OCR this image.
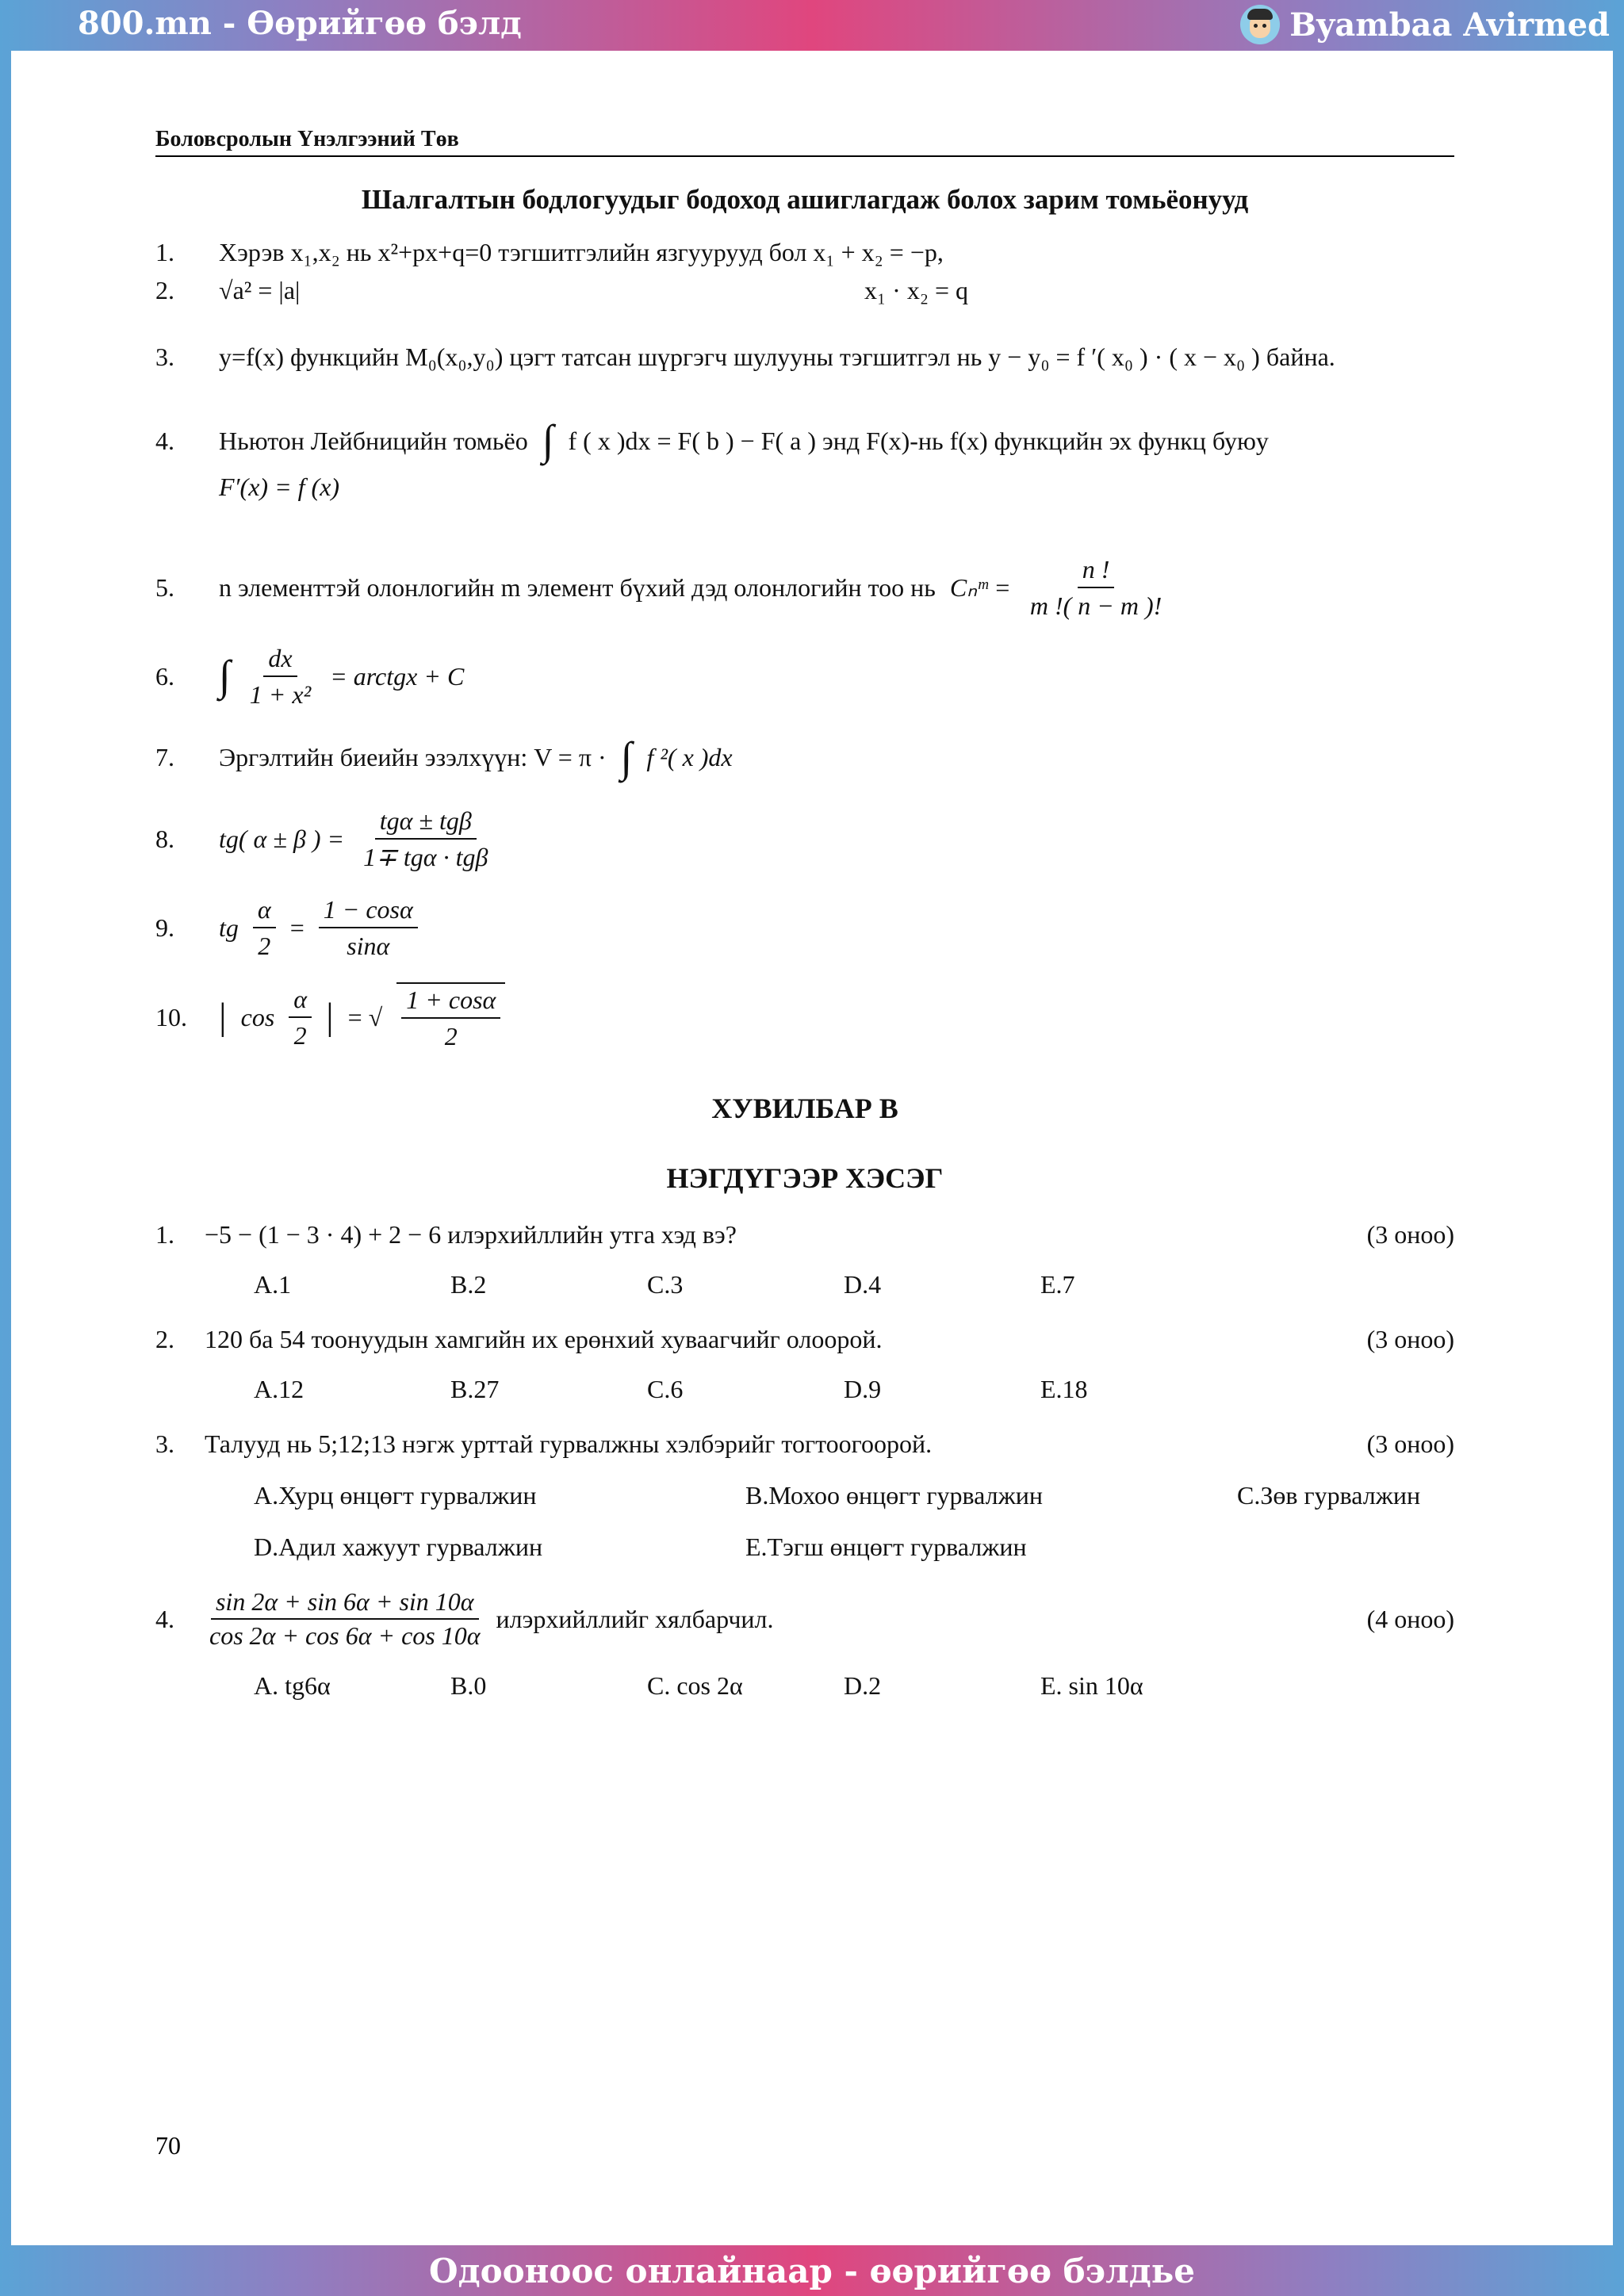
800.mn - Өөрийгөө бэлд	Byambaa Avirmed
Боловсролын Үнэлгээний Төв
Шалгалтын бодлогуудыг бодоход ашиглагдаж болох зарим томьёонууд
1.	Хэрэв x₁,x₂ нь x²+px+q=0 тэгшитгэлийн язгуурууд бол x₁ + x₂ = −p,
2.	√a² = |a|	x₁ · x₂ = q
3.	y=f(x) функцийн M₀(x₀,y₀) цэгт татсан шүргэгч шулууны тэгшитгэл нь y − y₀ = f ′( x₀ ) · ( x − x₀ ) байна.
4.	Ньютон Лейбницийн томьёо ∫ f ( x )dx = F( b ) − F( a ) энд F(x)-нь f(x) функцийн эх функц буюу
F′(x) = f (x)
5.	n элементтэй олонлогийн m элемент бүхий дэд олонлогийн тоо нь Cₙᵐ = $\frac{n !}{m !( n - m )!}$
6.	∫ $\frac{dx}{\text{1 + x²}}$ = arctgx + C
7.	Эргэлтийн биеийн эзэлхүүн: V = π · ∫ f ²( x )dx
8.	tg( α ± β ) = $\frac{\text{tgα ± tgβ}}{\text{1∓ tgα · tgβ}}$
9.	tg $\frac{\alpha}{2} = \frac{1 - \cos\alpha}{\sin\alpha}$
10. | $\cos \frac{\alpha}{2}$ | = √ $\frac{1 + \cos\alpha}{2}$
ХУВИЛБАР В
НЭГДҮГЭЭР ХЭСЭГ
1.	−5 − (1 − 3 · 4) + 2 − 6 илэрхийллийн утга хэд вэ?	(3 оноо)
A.1	B.2	C.3	D.4	E.7
2.	120 ба 54 тоонуудын хамгийн их ерөнхий хуваагчийг олоорой.	(3 оноо)
A.12	B.27	C.6	D.9	E.18
3.	Талууд нь 5;12;13 нэгж урттай гурвалжны хэлбэрийг тогтоогоорой.	(3 оноо)
A.Хурц өнцөгт гурвалжин	B.Мохоо өнцөгт гурвалжин	C.Зөв гурвалжин
D.Адил хажуут гурвалжин	E.Тэгш өнцөгт гурвалжин
4.	$\frac{\sin 2\alpha + \sin 6\alpha + \sin 10\alpha}{\cos 2\alpha + \cos 6\alpha + \cos 10\alpha}$ илэрхийллийг хялбарчил.	(4 оноо)
A. tg6α	B.0	C. cos 2α	D.2	E. sin 10α
70
Одооноос онлайнаар - өөрийгөө бэлдье
